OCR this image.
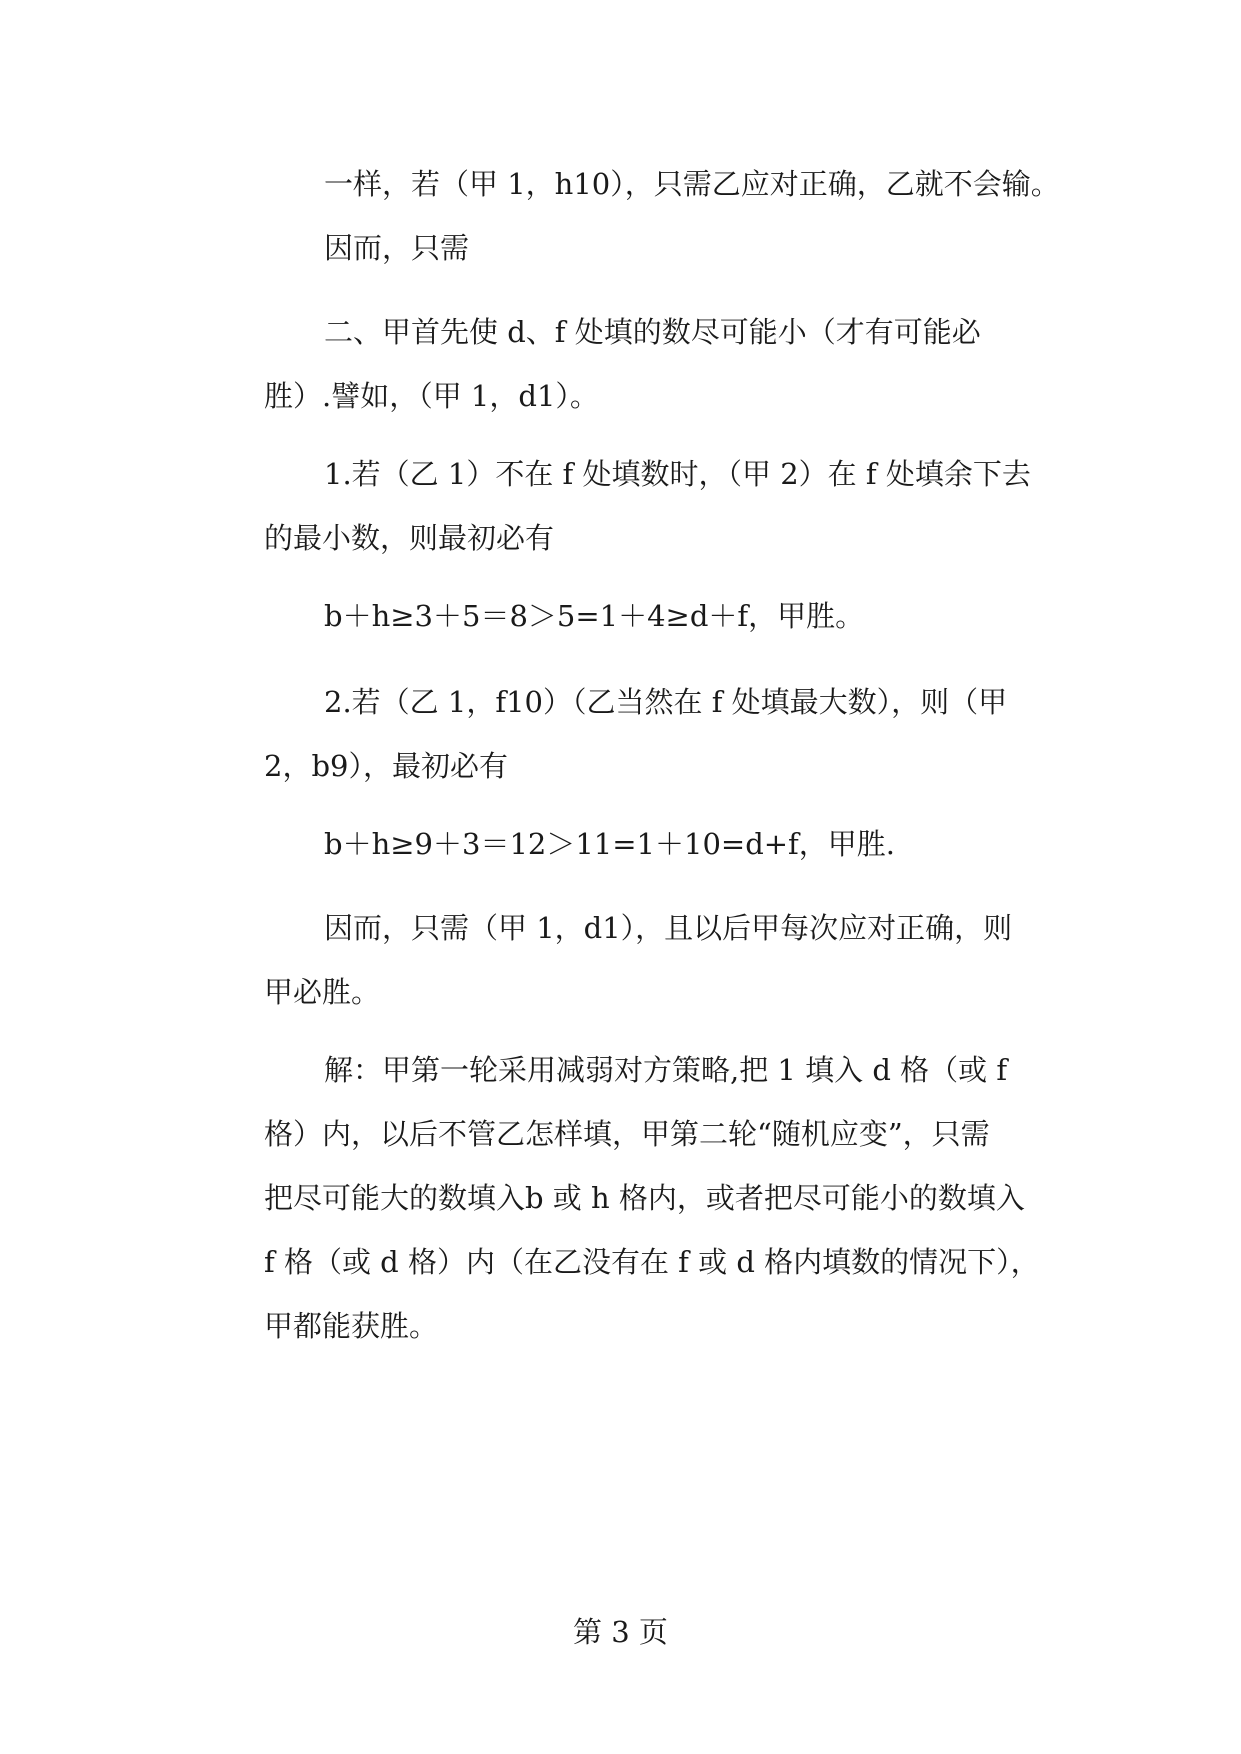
一样，若（甲 1，h10），只需乙应对正确，乙就不会输。

因而，只需

二、甲首先使 d、f 处填的数尽可能小（才有可能必
胜）.譬如，（甲 1，d1）。

1.若（乙 1）不在 f 处填数时，（甲 2）在 f 处填余下去
的最小数，则最初必有

b＋h≥3＋5＝8＞5=1＋4≥d＋f，甲胜。

2.若（乙 1，f10）（乙当然在 f 处填最大数），则（甲
2，b9），最初必有

b＋h≥9＋3＝12＞11=1＋10=d+f，甲胜.

因而，只需（甲 1，d1），且以后甲每次应对正确，则
甲必胜。

解：甲第一轮采用减弱对方策略,把 1 填入 d 格（或 f
格）内，以后不管乙怎样填，甲第二轮“随机应变”，只需
把尽可能大的数填入b 或 h 格内，或者把尽可能小的数填入
f 格（或 d 格）内（在乙没有在 f 或 d 格内填数的情况下），
甲都能获胜。

第 3 页
